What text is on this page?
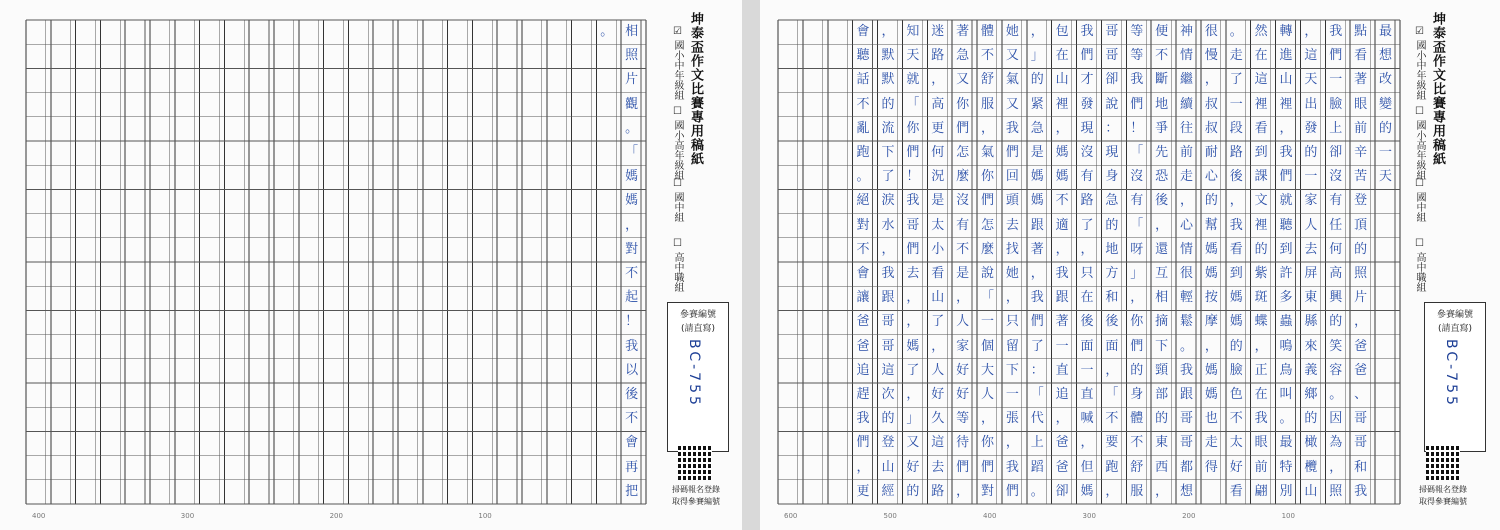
相
照
片
觀
。
「
媽
媽
，
對
不
起
！
我
以
後
不
會
再
把
。
400	300	200	100
坤泰盃作文比賽專用稿紙
☑ 國小中年級組
☐ 國小高年級組
☐ 國中組
☐ 高中職組
參賽編號
(請直寫)
BC-755
掃碼報名登錄
取得參賽編號
最
想
改
變
的
一
天
點
看
著
眼
前
辛
苦
登
頂
的
照
片
，
爸
爸
、
哥
哥
和
我
我
們
一
臉
上
卻
沒
有
任
何
高
興
的
笑
容
。
因
為
，
照
，
這
天
出
發
的
一
家
人
去
屏
東
縣
來
義
鄉
的
橄
欖
山
轉
進
山
裡
，
我
們
就
聽
到
許
多
蟲
鳴
鳥
叫
。
最
特
別
然
在
這
裡
看
到
課
文
裡
的
紫
斑
蝶
，
正
在
我
眼
前
翩
。
走
了
一
段
路
後
，
我
看
到
媽
媽
的
臉
色
不
太
好
看
很
慢
，
叔
叔
耐
心
的
幫
媽
媽
按
摩
，
媽
媽
也
走
得
神
情
繼
續
往
前
走
，
心
情
很
輕
鬆
。
我
跟
哥
哥
都
想
便
不
斷
地
爭
先
恐
後
，
還
互
相
摘
下
頸
部
的
東
西
，
等
等
我
們
！
「
沒
有
「
呀
」
，
你
們
的
身
體
不
舒
服
哥
哥
卻
說
：
現
身
急
的
地
方
和
後
面
，
「
不
要
跑
，
我
們
才
發
現
沒
有
路
了
，
只
在
後
面
一
直
喊
，
但
媽
包
在
山
裡
，
媽
媽
不
適
，
我
跟
著
一
直
追
，
爸
爸
卻
，
」
的
紧
急
是
媽
媽
跟
著
，
我
們
了
：
「
代
上
蹈
。
她
又
氣
又
我
們
回
頭
去
找
她
，
只
留
下
一
張
，
我
們
體
不
舒
服
，
氣
你
們
怎
麼
說
「
一
個
大
人
，
你
們
對
著
急
又
你
們
怎
麼
沒
有
不
是
，
人
家
好
好
等
待
們
，
迷
路
，
高
更
何
況
是
太
小
看
山
了
，
人
好
久
這
去
路
知
天
就
「
你
們
！
我
哥
們
去
，
，
媽
了
，
」
又
好
的
，
默
默
的
流
下
了
淚
水
，
我
跟
哥
哥
這
次
的
登
山
經
會
聽
話
不
亂
跑
。
絕
對
不
會
讓
爸
爸
追
趕
我
們
，
更
600	500	400	300	200	100
坤泰盃作文比賽專用稿紙
☑ 國小中年級組
☐ 國小高年級組
☐ 國中組
☐ 高中職組
參賽編號
(請直寫)
BC-755
掃碼報名登錄
取得參賽編號
